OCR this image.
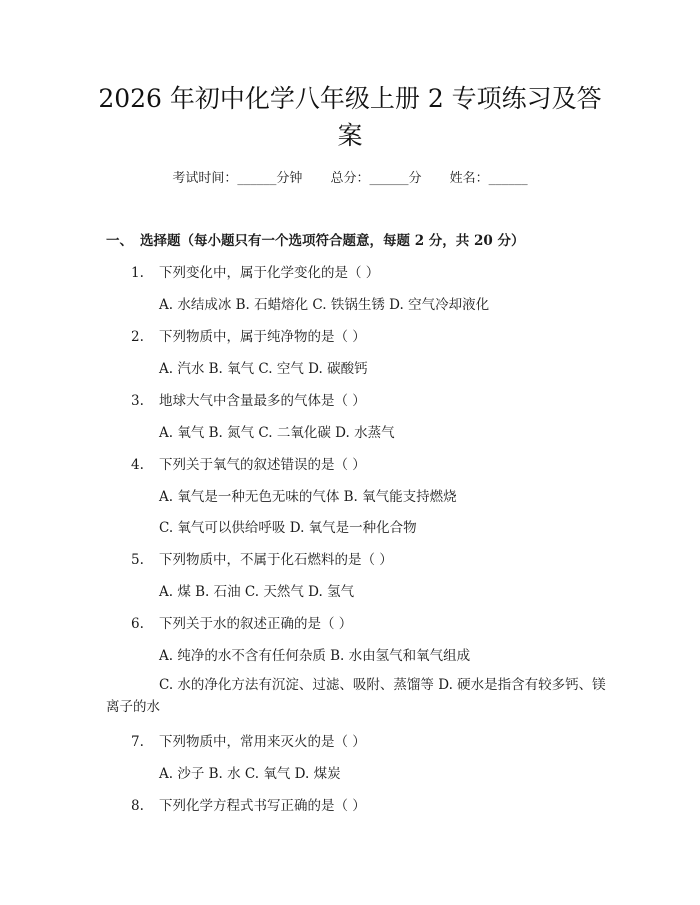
2026 年初中化学八年级上册 2 专项练习及答
案
考试时间：______分钟 总分：______分 姓名：______
一、 选择题（每小题只有一个选项符合题意，每题 2 分，共 20 分）
1. 下列变化中，属于化学变化的是（ ）
A. 水结成冰 B. 石蜡熔化 C. 铁锅生锈 D. 空气冷却液化
2. 下列物质中，属于纯净物的是（ ）
A. 汽水 B. 氧气 C. 空气 D. 碳酸钙
3. 地球大气中含量最多的气体是（ ）
A. 氧气 B. 氮气 C. 二氧化碳 D. 水蒸气
4. 下列关于氧气的叙述错误的是（ ）
A. 氧气是一种无色无味的气体 B. 氧气能支持燃烧
C. 氧气可以供给呼吸 D. 氧气是一种化合物
5. 下列物质中，不属于化石燃料的是（ ）
A. 煤 B. 石油 C. 天然气 D. 氢气
6. 下列关于水的叙述正确的是（ ）
A. 纯净的水不含有任何杂质 B. 水由氢气和氧气组成
C. 水的净化方法有沉淀、过滤、吸附、蒸馏等 D. 硬水是指含有较多钙、镁离子的水
7. 下列物质中，常用来灭火的是（ ）
A. 沙子 B. 水 C. 氧气 D. 煤炭
8. 下列化学方程式书写正确的是（ ）
